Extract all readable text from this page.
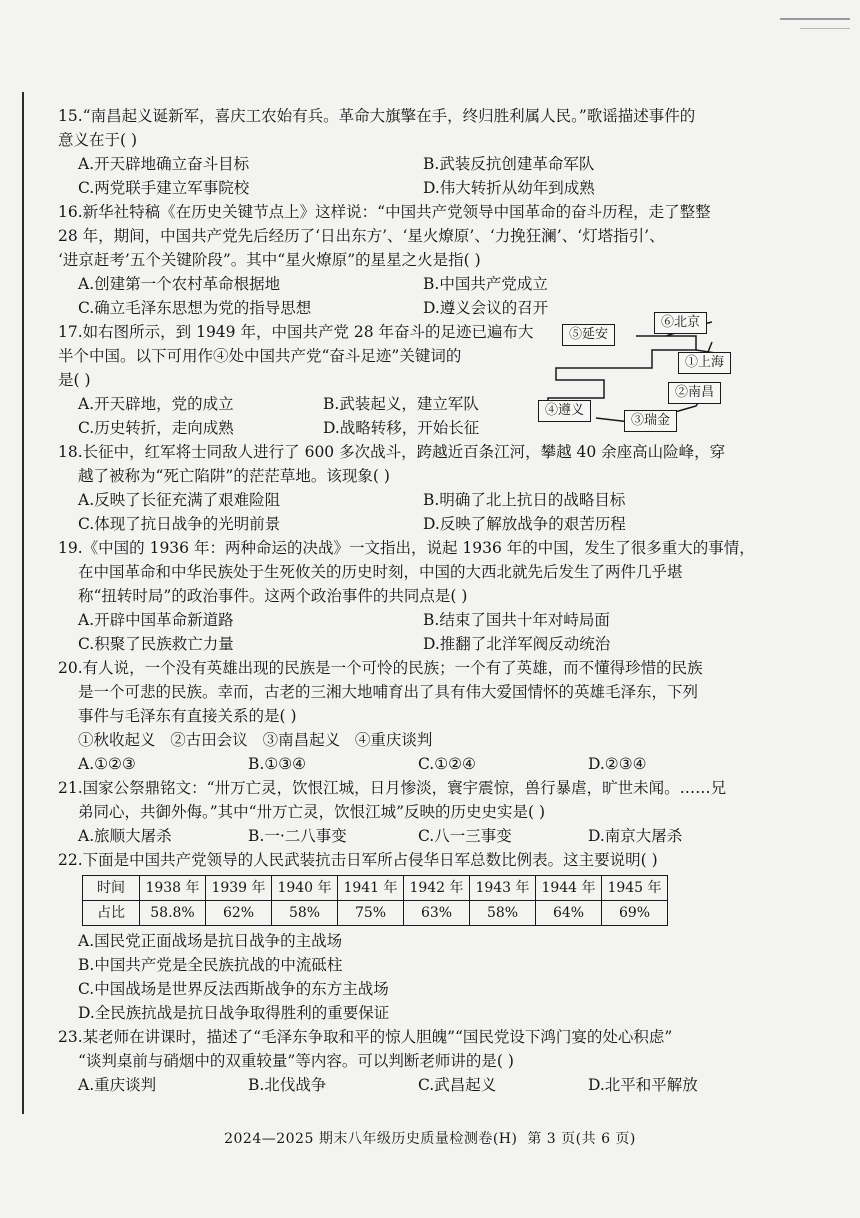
15.“南昌起义诞新军，喜庆工农始有兵。革命大旗擎在手，终归胜利属人民。”歌谣描述事件的

意义在于( )

A.开天辟地确立奋斗目标	B.武装反抗创建革命军队
C.两党联手建立军事院校	D.伟大转折从幼年到成熟

16.新华社特稿《在历史关键节点上》这样说：“中国共产党领导中国革命的奋斗历程，走了整整

28 年，期间，中国共产党先后经历了‘日出东方’、‘星火燎原’、‘力挽狂澜’、‘灯塔指引’、

‘进京赶考’五个关键阶段”。其中“星火燎原”的星星之火是指( )

A.创建第一个农村革命根据地	B.中国共产党成立
C.确立毛泽东思想为党的指导思想	D.遵义会议的召开

17.如右图所示，到 1949 年，中国共产党 28 年奋斗的足迹已遍布大

半个中国。以下可用作④处中国共产党“奋斗足迹”关键词的

是( )

A.开天辟地，党的成立	B.武装起义，建立军队
C.历史转折，走向成熟	D.战略转移，开始长征
⑤延安
⑥北京
①上海
②南昌
④遵义
③瑞金

18.长征中，红军将士同敌人进行了 600 多次战斗，跨越近百条江河，攀越 40 余座高山险峰，穿

越了被称为“死亡陷阱”的茫茫草地。该现象( )

A.反映了长征充满了艰难险阻	B.明确了北上抗日的战略目标
C.体现了抗日战争的光明前景	D.反映了解放战争的艰苦历程

19.《中国的 1936 年：两种命运的决战》一文指出，说起 1936 年的中国，发生了很多重大的事情，

在中国革命和中华民族处于生死攸关的历史时刻，中国的大西北就先后发生了两件几乎堪

称“扭转时局”的政治事件。这两个政治事件的共同点是( )

A.开辟中国革命新道路	B.结束了国共十年对峙局面
C.积聚了民族救亡力量	D.推翻了北洋军阀反动统治

20.有人说，一个没有英雄出现的民族是一个可怜的民族；一个有了英雄，而不懂得珍惜的民族

是一个可悲的民族。幸而，古老的三湘大地哺育出了具有伟大爱国情怀的英雄毛泽东，下列

事件与毛泽东有直接关系的是( )

①秋收起义   ②古田会议   ③南昌起义   ④重庆谈判

A.①②③	B.①③④	C.①②④	D.②③④

21.国家公祭鼎铭文：“卅万亡灵，饮恨江城，日月惨淡，寰宇震惊，兽行暴虐，旷世未闻。……兄

弟同心，共御外侮。”其中“卅万亡灵，饮恨江城”反映的历史史实是( )

A.旅顺大屠杀	B.一·二八事变	C.八一三事变	D.南京大屠杀

22.下面是中国共产党领导的人民武装抗击日军所占侵华日军总数比例表。这主要说明( )

时间	1938 年	1939 年	1940 年	1941 年	1942 年	1943 年	1944 年	1945 年
占比	58.8%	62%	58%	75%	63%	58%	64%	69%
A.国民党正面战场是抗日战争的主战场
B.中国共产党是全民族抗战的中流砥柱
C.中国战场是世界反法西斯战争的东方主战场
D.全民族抗战是抗日战争取得胜利的重要保证

23.某老师在讲课时，描述了“毛泽东争取和平的惊人胆魄”“国民党设下鸿门宴的处心积虑”

“谈判桌前与硝烟中的双重较量”等内容。可以判断老师讲的是( )

A.重庆谈判	B.北伐战争	C.武昌起义	D.北平和平解放
2024—2025 期末八年级历史质量检测卷(H)  第 3 页(共 6 页)
